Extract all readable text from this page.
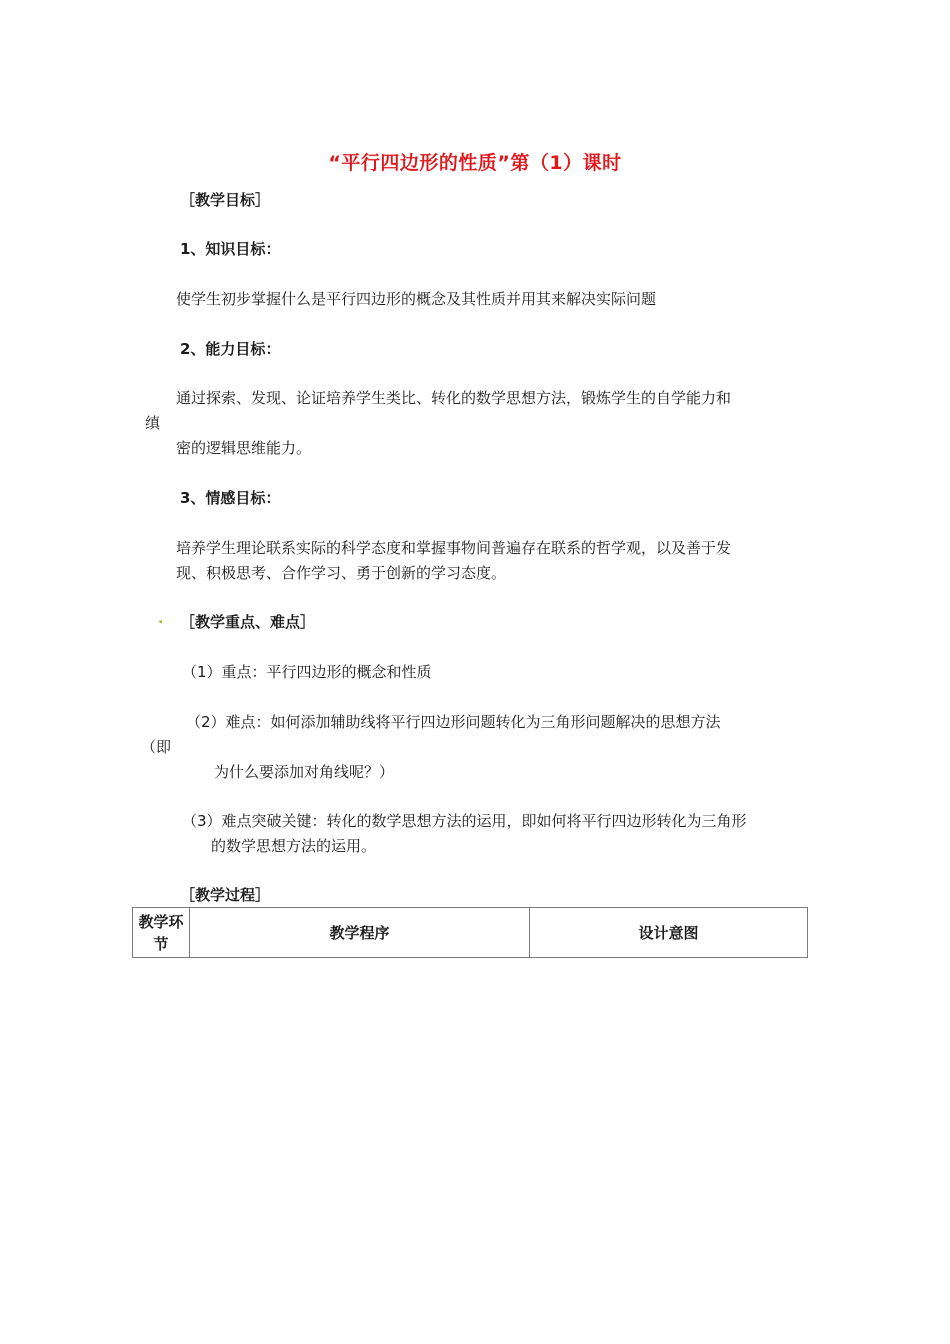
“平行四边形的性质”第（1）课时
［教学目标］
1、知识目标：
使学生初步掌握什么是平行四边形的概念及其性质并用其来解决实际问题
2、能力目标：
通过探索、发现、论证培养学生类比、转化的数学思想方法，锻炼学生的自学能力和
缜
密的逻辑思维能力。
3、情感目标：
培养学生理论联系实际的科学态度和掌握事物间普遍存在联系的哲学观，以及善于发
现、积极思考、合作学习、勇于创新的学习态度。
. ［教学重点、难点］
（1）重点：平行四边形的概念和性质
（2）难点：如何添加辅助线将平行四边形问题转化为三角形问题解决的思想方法
（即
为什么要添加对角线呢？）
（3）难点突破关键：转化的数学思想方法的运用，即如何将平行四边形转化为三角形
的数学思想方法的运用。
［教学过程］
教学环节	教学程序	设计意图
